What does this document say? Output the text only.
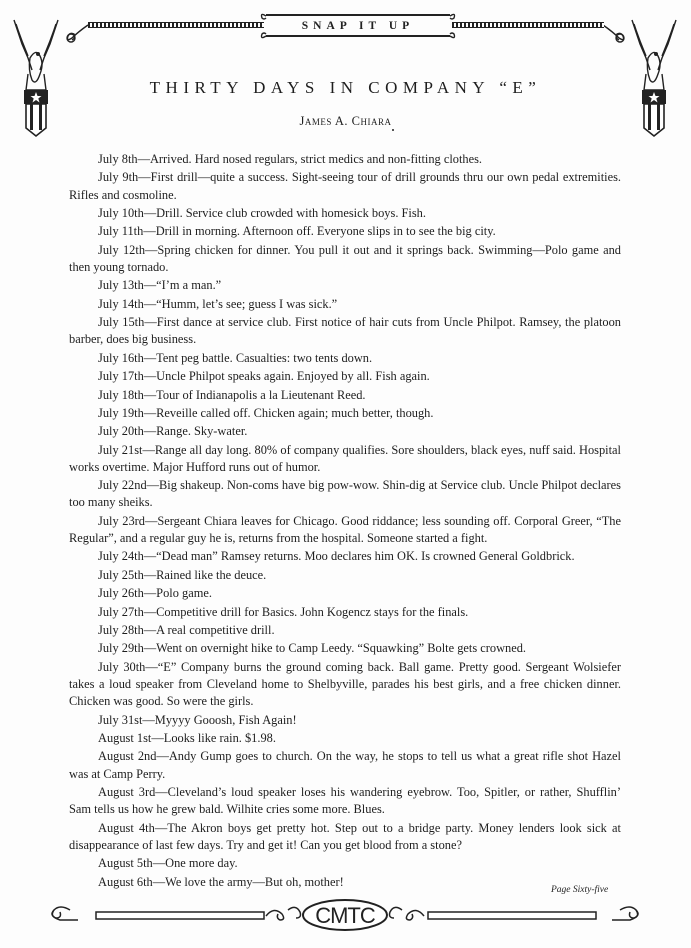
SNAP IT UP
THIRTY DAYS IN COMPANY “E”
James A. Chiara

July 8th—Arrived. Hard nosed regulars, strict medics and non-fitting clothes.

July 9th—First drill—quite a success. Sight-seeing tour of drill grounds thru our own pedal extremities. Rifles and cosmoline.

July 10th—Drill. Service club crowded with homesick boys. Fish.

July 11th—Drill in morning. Afternoon off. Everyone slips in to see the big city.

July 12th—Spring chicken for dinner. You pull it out and it springs back. Swimming—Polo game and then young tornado.

July 13th—“I’m a man.”

July 14th—“Humm, let’s see; guess I was sick.”

July 15th—First dance at service club. First notice of hair cuts from Uncle Philpot. Ramsey, the platoon barber, does big business.

July 16th—Tent peg battle. Casualties: two tents down.

July 17th—Uncle Philpot speaks again. Enjoyed by all. Fish again.

July 18th—Tour of Indianapolis a la Lieutenant Reed.

July 19th—Reveille called off. Chicken again; much better, though.

July 20th—Range. Sky-water.

July 21st—Range all day long. 80% of company qualifies. Sore shoulders, black eyes, nuff said. Hospital works overtime. Major Hufford runs out of humor.

July 22nd—Big shakeup. Non-coms have big pow-wow. Shin-dig at Service club. Uncle Philpot declares too many sheiks.

July 23rd—Sergeant Chiara leaves for Chicago. Good riddance; less sounding off. Corporal Greer, “The Regular”, and a regular guy he is, returns from the hospital. Someone started a fight.

July 24th—“Dead man” Ramsey returns. Moo declares him OK. Is crowned General Goldbrick.

July 25th—Rained like the deuce.

July 26th—Polo game.

July 27th—Competitive drill for Basics. John Kogencz stays for the finals.

July 28th—A real competitive drill.

July 29th—Went on overnight hike to Camp Leedy. “Squawking” Bolte gets crowned.

July 30th—“E” Company burns the ground coming back. Ball game. Pretty good. Sergeant Wolsiefer takes a loud speaker from Cleveland home to Shelbyville, parades his best girls, and a free chicken dinner. Chicken was good. So were the girls.

July 31st—Myyyy Gooosh, Fish Again!

August 1st—Looks like rain. $1.98.

August 2nd—Andy Gump goes to church. On the way, he stops to tell us what a great rifle shot Hazel was at Camp Perry.

August 3rd—Cleveland’s loud speaker loses his wandering eyebrow. Too, Spitler, or rather, Shufflin’ Sam tells us how he grew bald. Wilhite cries some more. Blues.

August 4th—The Akron boys get pretty hot. Step out to a bridge party. Money lenders look sick at disappearance of last few days. Try and get it! Can you get blood from a stone?

August 5th—One more day.

August 6th—We love the army—But oh, mother!

Page Sixty-five
CMTC
